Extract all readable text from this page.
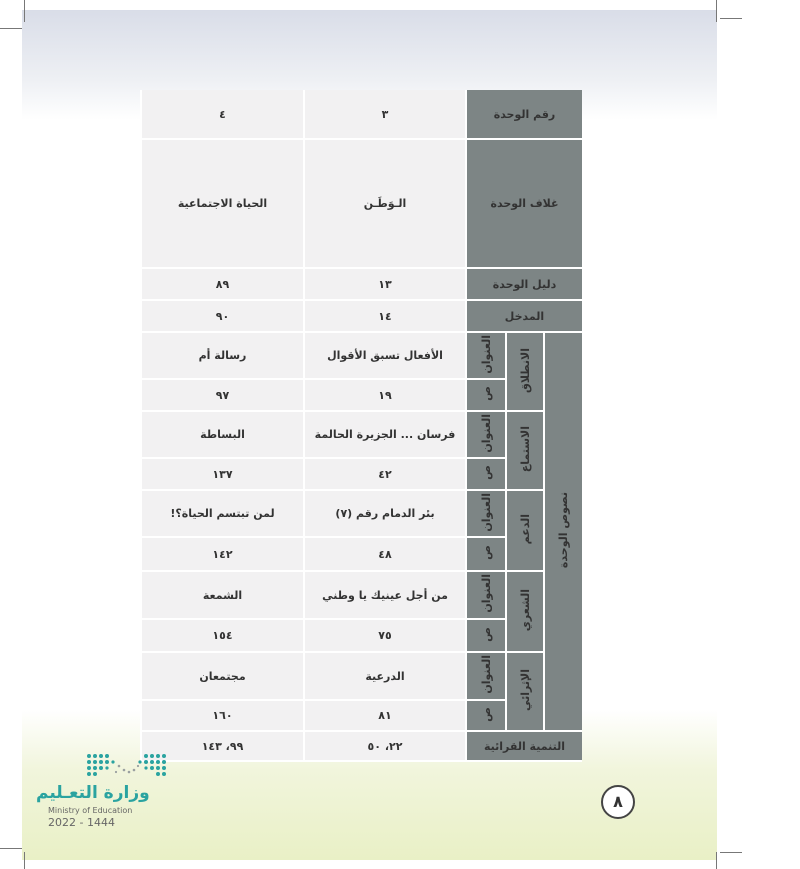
رقم الوحدة			٣	٤
غلاف الوحدة			الـوَطَـن	الحياة الاجتماعية
دليل الوحدة			١٣	٨٩
المدخل			١٤	٩٠
نصوص الوحدة	الانطلاق	العنوان	الأفعال تسبق الأقوال	رسالة أم
		ص	١٩	٩٧
	الاستماع	العنوان	فرسان ... الجزيرة الحالمة	البساطة
		ص	٤٢	١٣٧
	الدعم	العنوان	بئر الدمام رقم (٧)	لمن تبتسم الحياة؟!
		ص	٤٨	١٤٢
	الشعري	العنوان	من أجل عينيك يا وطني	الشمعة
		ص	٧٥	١٥٤
	الإثرائي	العنوان	الدرعية	مجتمعان
		ص	٨١	١٦٠
التنمية القرائية			٢٢، ٥٠	٩٩، ١٤٣
وزارة التعـليم
Ministry of Education
2022 - 1444
٨
